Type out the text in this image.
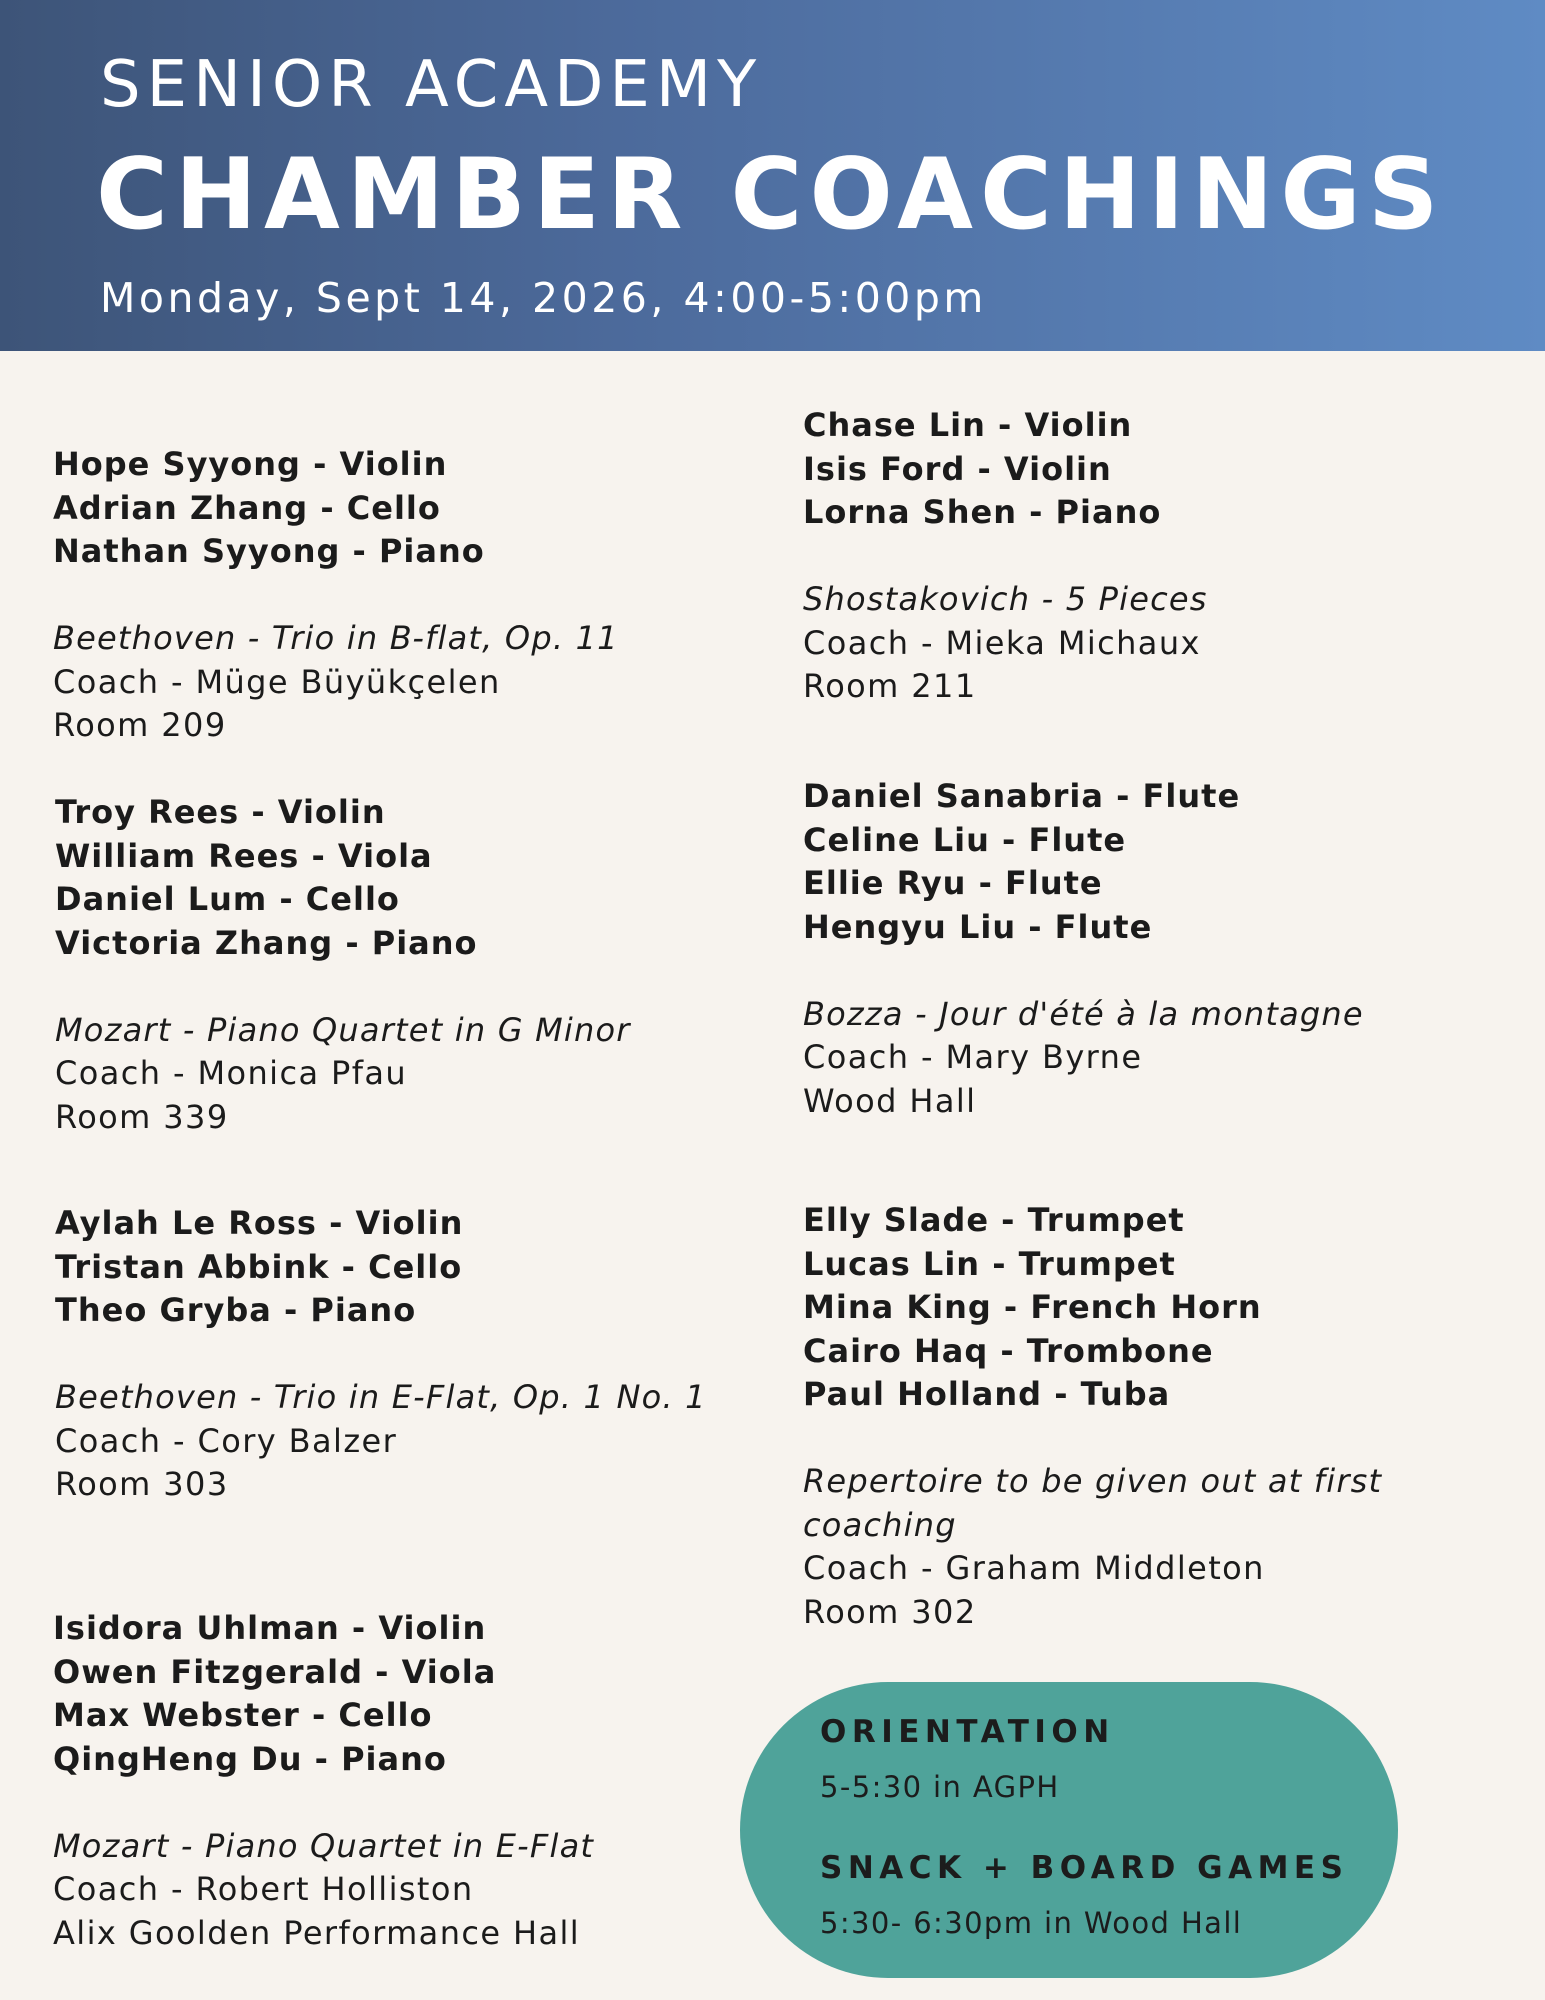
SENIOR ACADEMY
CHAMBER COACHINGS
Monday, Sept 14, 2026, 4:00-5:00pm
Hope Syyong - Violin
Adrian Zhang - Cello
Nathan Syyong - Piano
Beethoven - Trio in B-flat, Op. 11
Coach - Müge Büyükçelen
Room 209
Troy Rees - Violin
William Rees - Viola
Daniel Lum - Cello
Victoria Zhang - Piano
Mozart - Piano Quartet in G Minor
Coach - Monica Pfau
Room 339
Aylah Le Ross - Violin
Tristan Abbink - Cello
Theo Gryba - Piano
Beethoven - Trio in E-Flat, Op. 1 No. 1
Coach - Cory Balzer
Room 303
Isidora Uhlman - Violin
Owen Fitzgerald - Viola
Max Webster - Cello
QingHeng Du - Piano
Mozart - Piano Quartet in E-Flat
Coach - Robert Holliston
Alix Goolden Performance Hall
Chase Lin - Violin
Isis Ford - Violin
Lorna Shen - Piano
Shostakovich - 5 Pieces
Coach - Mieka Michaux
Room 211
Daniel Sanabria - Flute
Celine Liu - Flute
Ellie Ryu - Flute
Hengyu Liu - Flute
Bozza - Jour d'été à la montagne
Coach - Mary Byrne
Wood Hall
Elly Slade - Trumpet
Lucas Lin - Trumpet
Mina King - French Horn
Cairo Haq - Trombone
Paul Holland - Tuba
Repertoire to be given out at first coaching
Coach - Graham Middleton
Room 302
ORIENTATION
5-5:30 in AGPH
SNACK + BOARD GAMES
5:30- 6:30pm in Wood Hall
